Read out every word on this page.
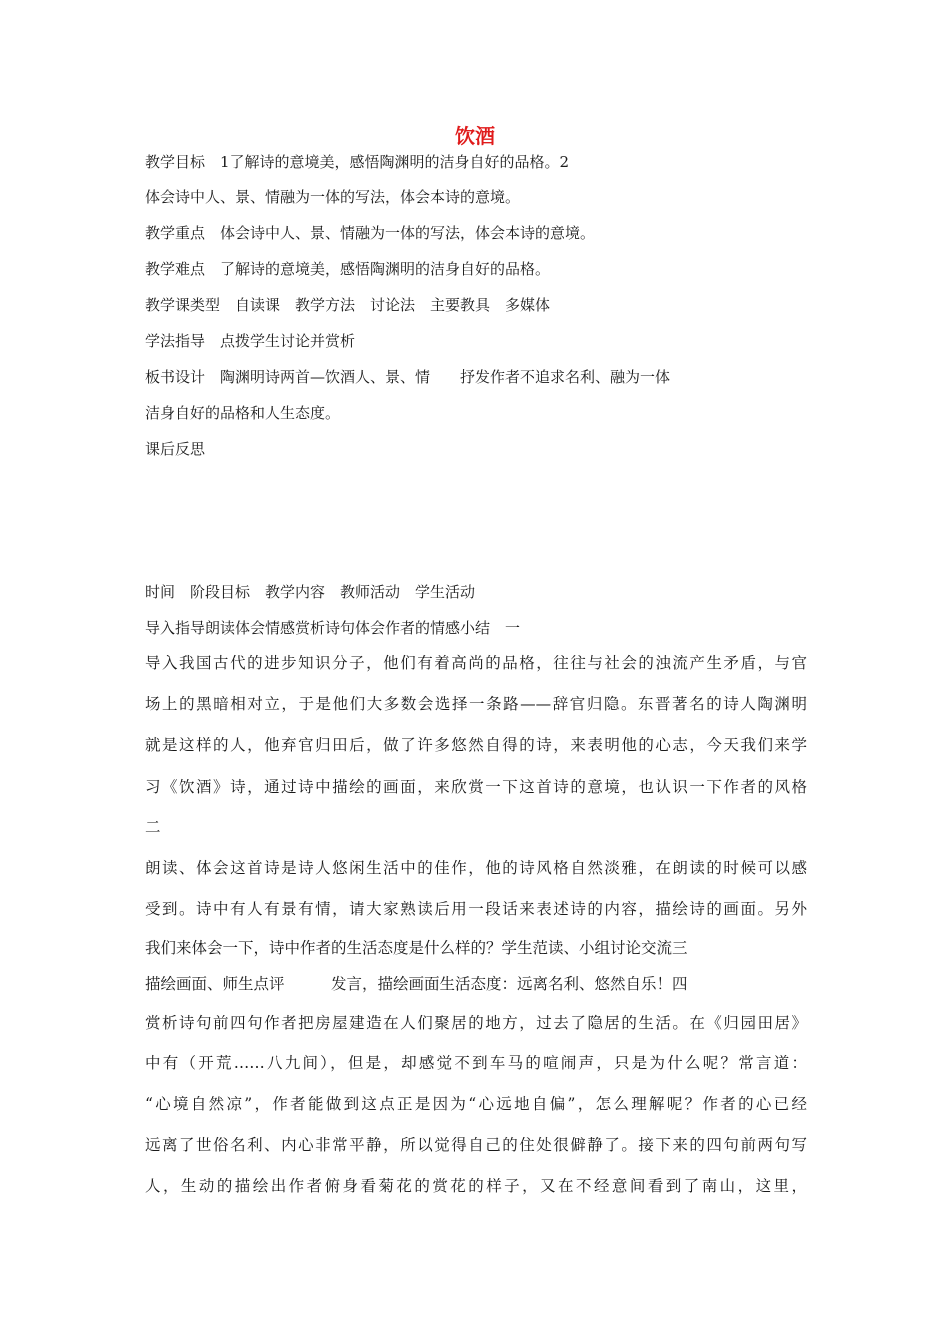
饮酒
教学目标　1了解诗的意境美，感悟陶渊明的洁身自好的品格。2
体会诗中人、景、情融为一体的写法，体会本诗的意境。
教学重点　体会诗中人、景、情融为一体的写法，体会本诗的意境。
教学难点　了解诗的意境美，感悟陶渊明的洁身自好的品格。
教学课类型　自读课　教学方法　讨论法　主要教具　多媒体
学法指导　点拨学生讨论并赏析
板书设计　陶渊明诗两首—饮酒人、景、情　　抒发作者不追求名利、融为一体
洁身自好的品格和人生态度。
课后反思
时间　阶段目标　教学内容　教师活动　学生活动
导入指导朗读体会情感赏析诗句体会作者的情感小结　一
导入我国古代的进步知识分子，他们有着高尚的品格，往往与社会的浊流产生矛盾，与官
场上的黑暗相对立，于是他们大多数会选择一条路——辞官归隐。东晋著名的诗人陶渊明
就是这样的人，他弃官归田后，做了许多悠然自得的诗，来表明他的心志，今天我们来学
习《饮酒》诗，通过诗中描绘的画面，来欣赏一下这首诗的意境，也认识一下作者的风格
二
朗读、体会这首诗是诗人悠闲生活中的佳作，他的诗风格自然淡雅，在朗读的时候可以感
受到。诗中有人有景有情，请大家熟读后用一段话来表述诗的内容，描绘诗的画面。另外
我们来体会一下，诗中作者的生活态度是什么样的？学生范读、小组讨论交流三
描绘画面、师生点评　　　发言，描绘画面生活态度：远离名利、悠然自乐！四
赏析诗句前四句作者把房屋建造在人们聚居的地方，过去了隐居的生活。在《归园田居》
中有（开荒……八九间），但是，却感觉不到车马的喧闹声，只是为什么呢？常言道：
“心境自然凉”，作者能做到这点正是因为“心远地自偏”，怎么理解呢？作者的心已经
远离了世俗名利、内心非常平静，所以觉得自己的住处很僻静了。接下来的四句前两句写
人，生动的描绘出作者俯身看菊花的赏花的样子，又在不经意间看到了南山，这里，
